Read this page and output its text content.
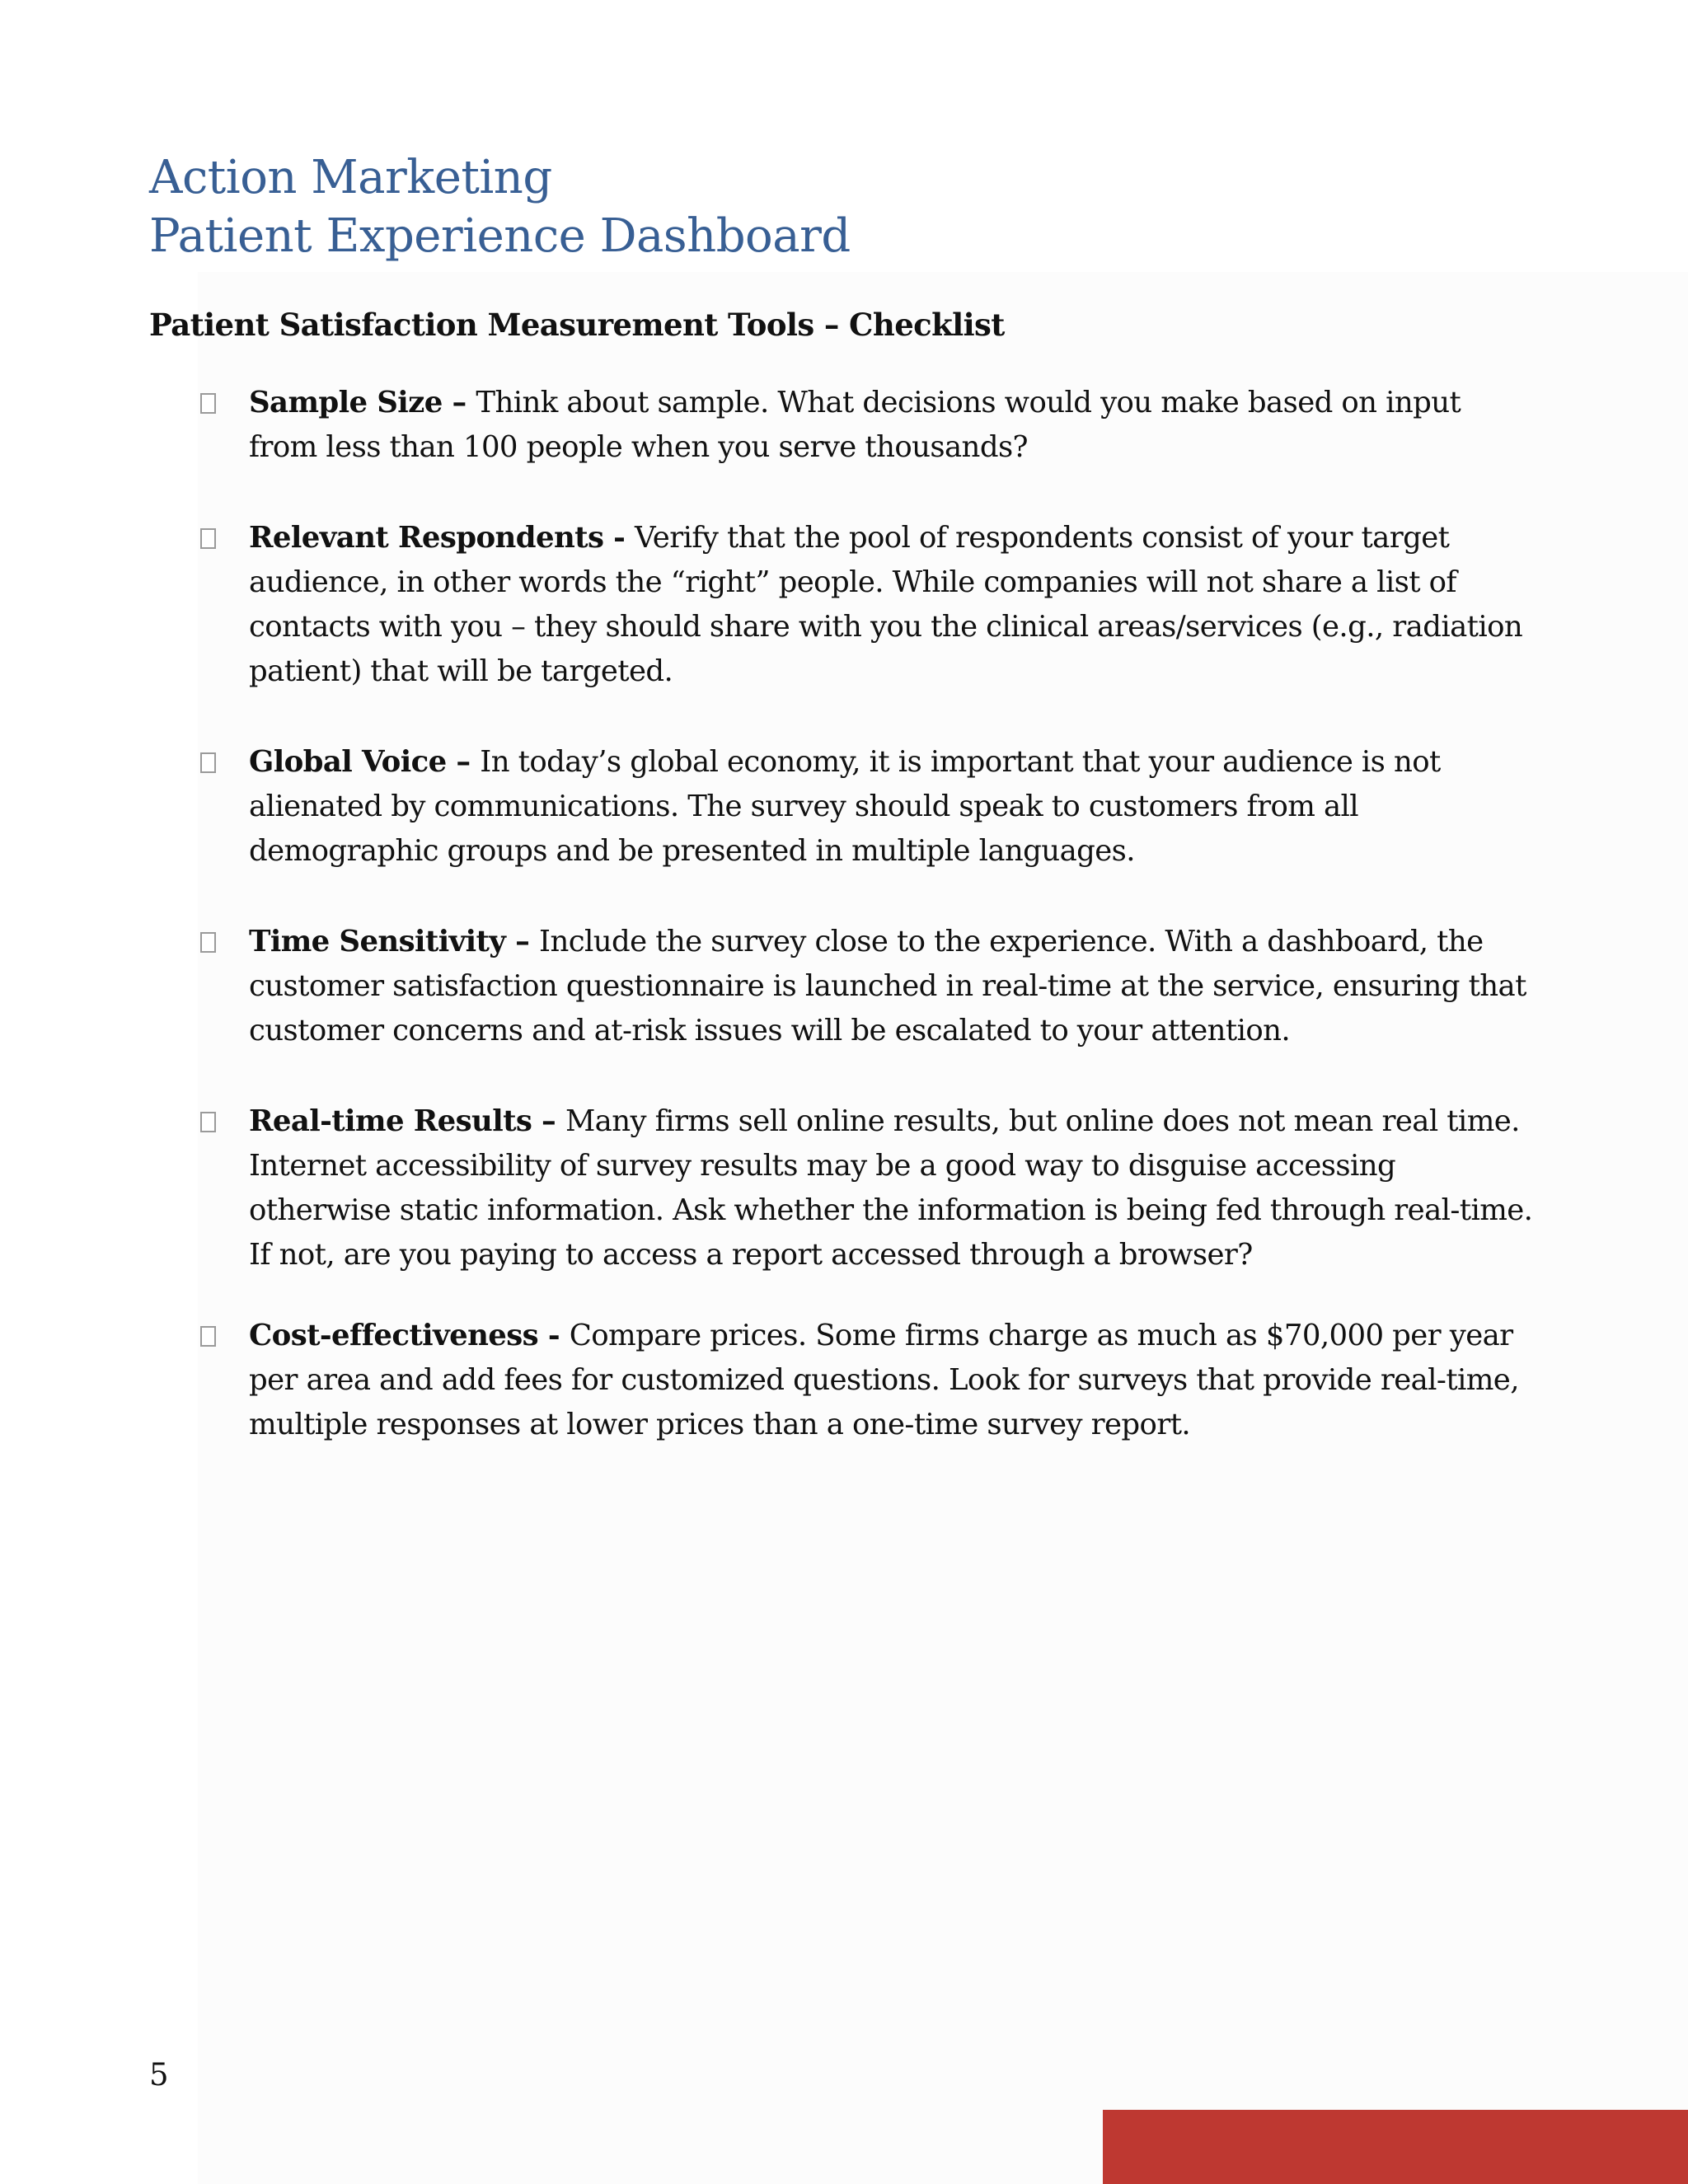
Action Marketing
Patient Experience Dashboard
Patient Satisfaction Measurement Tools – Checklist
Sample Size – Think about sample. What decisions would you make based on input from less than 100 people when you serve thousands?
Relevant Respondents - Verify that the pool of respondents consist of your target audience, in other words the “right” people. While companies will not share a list of contacts with you – they should share with you the clinical areas/services (e.g., radiation patient) that will be targeted.
Global Voice – In today’s global economy, it is important that your audience is not alienated by communications. The survey should speak to customers from all demographic groups and be presented in multiple languages.
Time Sensitivity – Include the survey close to the experience. With a dashboard, the customer satisfaction questionnaire is launched in real-time at the service, ensuring that customer concerns and at-risk issues will be escalated to your attention.
Real-time Results – Many firms sell online results, but online does not mean real time. Internet accessibility of survey results may be a good way to disguise accessing otherwise static information. Ask whether the information is being fed through real-time. If not, are you paying to access a report accessed through a browser?
Cost-effectiveness - Compare prices. Some firms charge as much as $70,000 per year per area and add fees for customized questions. Look for surveys that provide real-time, multiple responses at lower prices than a one-time survey report.
5
